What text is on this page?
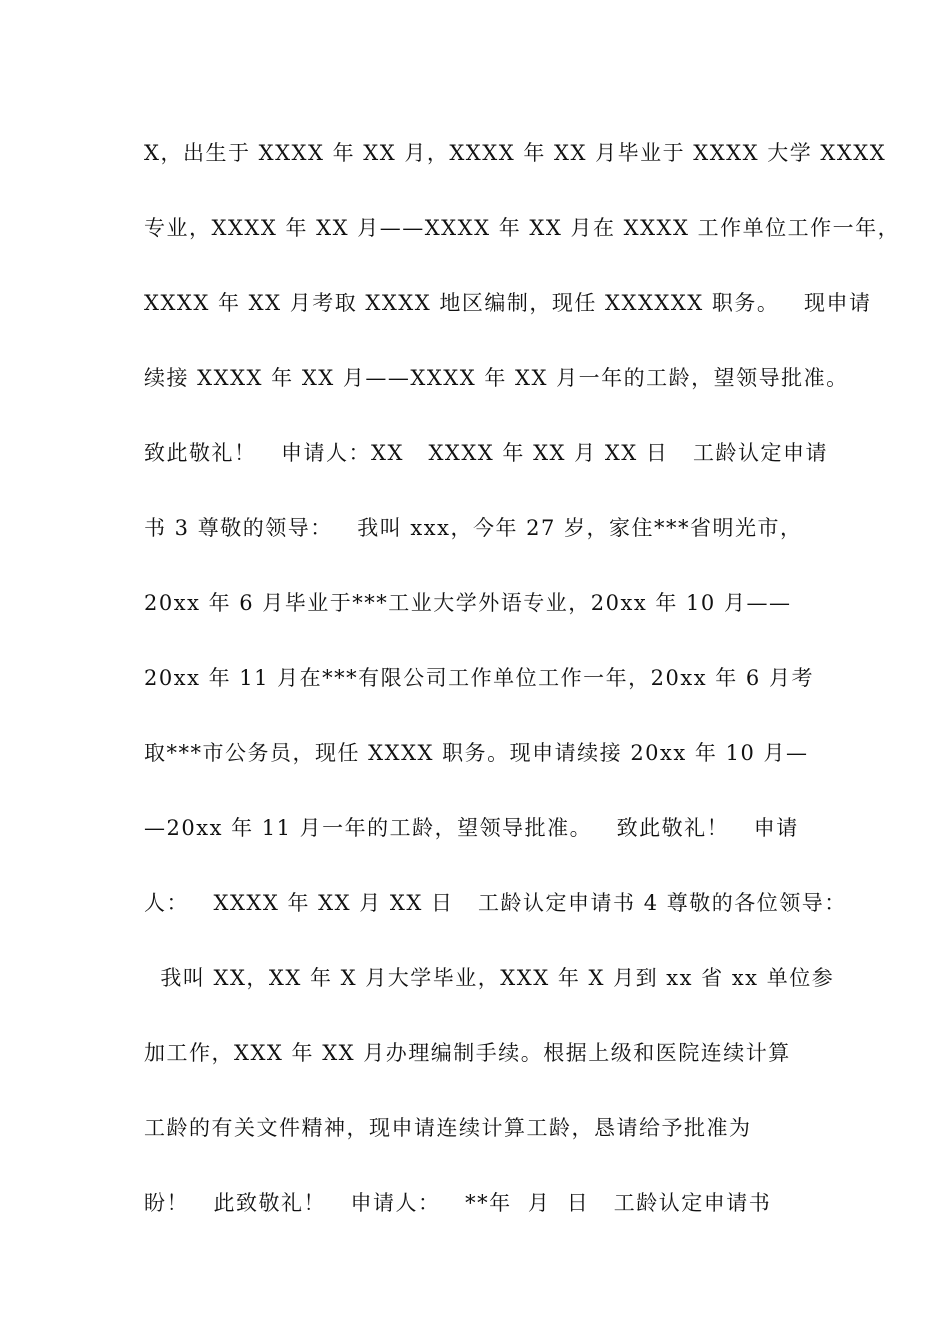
X，出生于 XXXX 年 XX 月，XXXX 年 XX 月毕业于 XXXX 大学 XXXX
专业，XXXX 年 XX 月——XXXX 年 XX 月在 XXXX 工作单位工作一年，
XXXX 年 XX 月考取 XXXX 地区编制，现任 XXXXXX 职务。   现申请
续接 XXXX 年 XX 月——XXXX 年 XX 月一年的工龄，望领导批准。
致此敬礼！   申请人：XX   XXXX 年 XX 月 XX 日   工龄认定申请
书 3 尊敬的领导：   我叫 xxx，今年 27 岁，家住***省明光市，
20xx 年 6 月毕业于***工业大学外语专业，20xx 年 10 月——
20xx 年 11 月在***有限公司工作单位工作一年，20xx 年 6 月考
取***市公务员，现任 XXXX 职务。现申请续接 20xx 年 10 月—
—20xx 年 11 月一年的工龄，望领导批准。   致此敬礼！   申请
人：   XXXX 年 XX 月 XX 日   工龄认定申请书 4 尊敬的各位领导：
我叫 XX，XX 年 X 月大学毕业，XXX 年 X 月到 xx 省 xx 单位参
加工作，XXX 年 XX 月办理编制手续。根据上级和医院连续计算
工龄的有关文件精神，现申请连续计算工龄，恳请给予批准为
盼！   此致敬礼！   申请人：   **年  月  日   工龄认定申请书
